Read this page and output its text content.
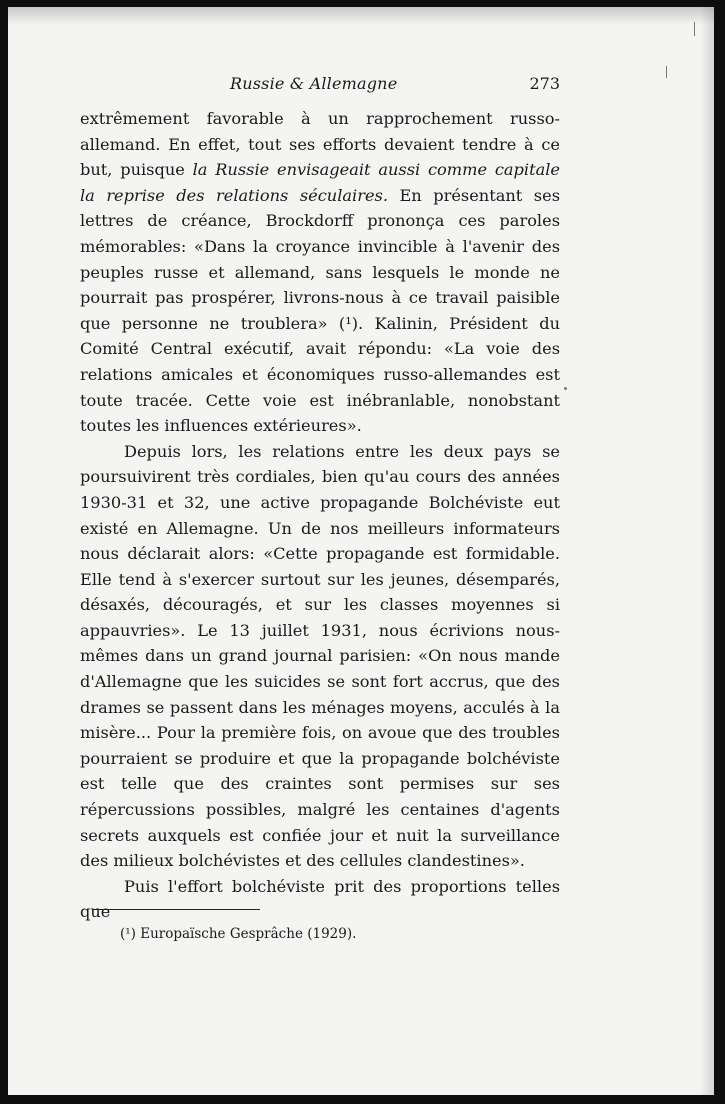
Russie & Allemagne	273

extrêmement favorable à un rapprochement russo-allemand. En effet, tout ses efforts devaient tendre à ce but, puisque la Russie envisageait aussi comme capitale la reprise des relations séculaires. En présentant ses lettres de créance, Brockdorff prononça ces paroles mémorables: «Dans la croyance invincible à l'avenir des peuples russe et allemand, sans lesquels le monde ne pourrait pas prospérer, livrons-nous à ce travail paisible que personne ne troublera» (¹). Kalinin, Président du Comité Central exécutif, avait répondu: «La voie des relations amicales et économiques russo-allemandes est toute tracée. Cette voie est inébranlable, nonobstant toutes les influences extérieures».

Depuis lors, les relations entre les deux pays se poursuivirent très cordiales, bien qu'au cours des années 1930-31 et 32, une active propagande Bolchéviste eut existé en Allemagne. Un de nos meilleurs informateurs nous déclarait alors: «Cette propagande est formidable. Elle tend à s'exercer surtout sur les jeunes, désemparés, désaxés, découragés, et sur les classes moyennes si appauvries». Le 13 juillet 1931, nous écrivions nous-mêmes dans un grand journal parisien: «On nous mande d'Allemagne que les suicides se sont fort accrus, que des drames se passent dans les ménages moyens, acculés à la misère... Pour la première fois, on avoue que des troubles pourraient se produire et que la propagande bolchéviste est telle que des craintes sont permises sur ses répercussions possibles, malgré les centaines d'agents secrets auxquels est confiée jour et nuit la surveillance des milieux bolchévistes et des cellules clandestines».

Puis l'effort bolchéviste prit des proportions telles que

(¹) Europaïsche Gesprâche (1929).
